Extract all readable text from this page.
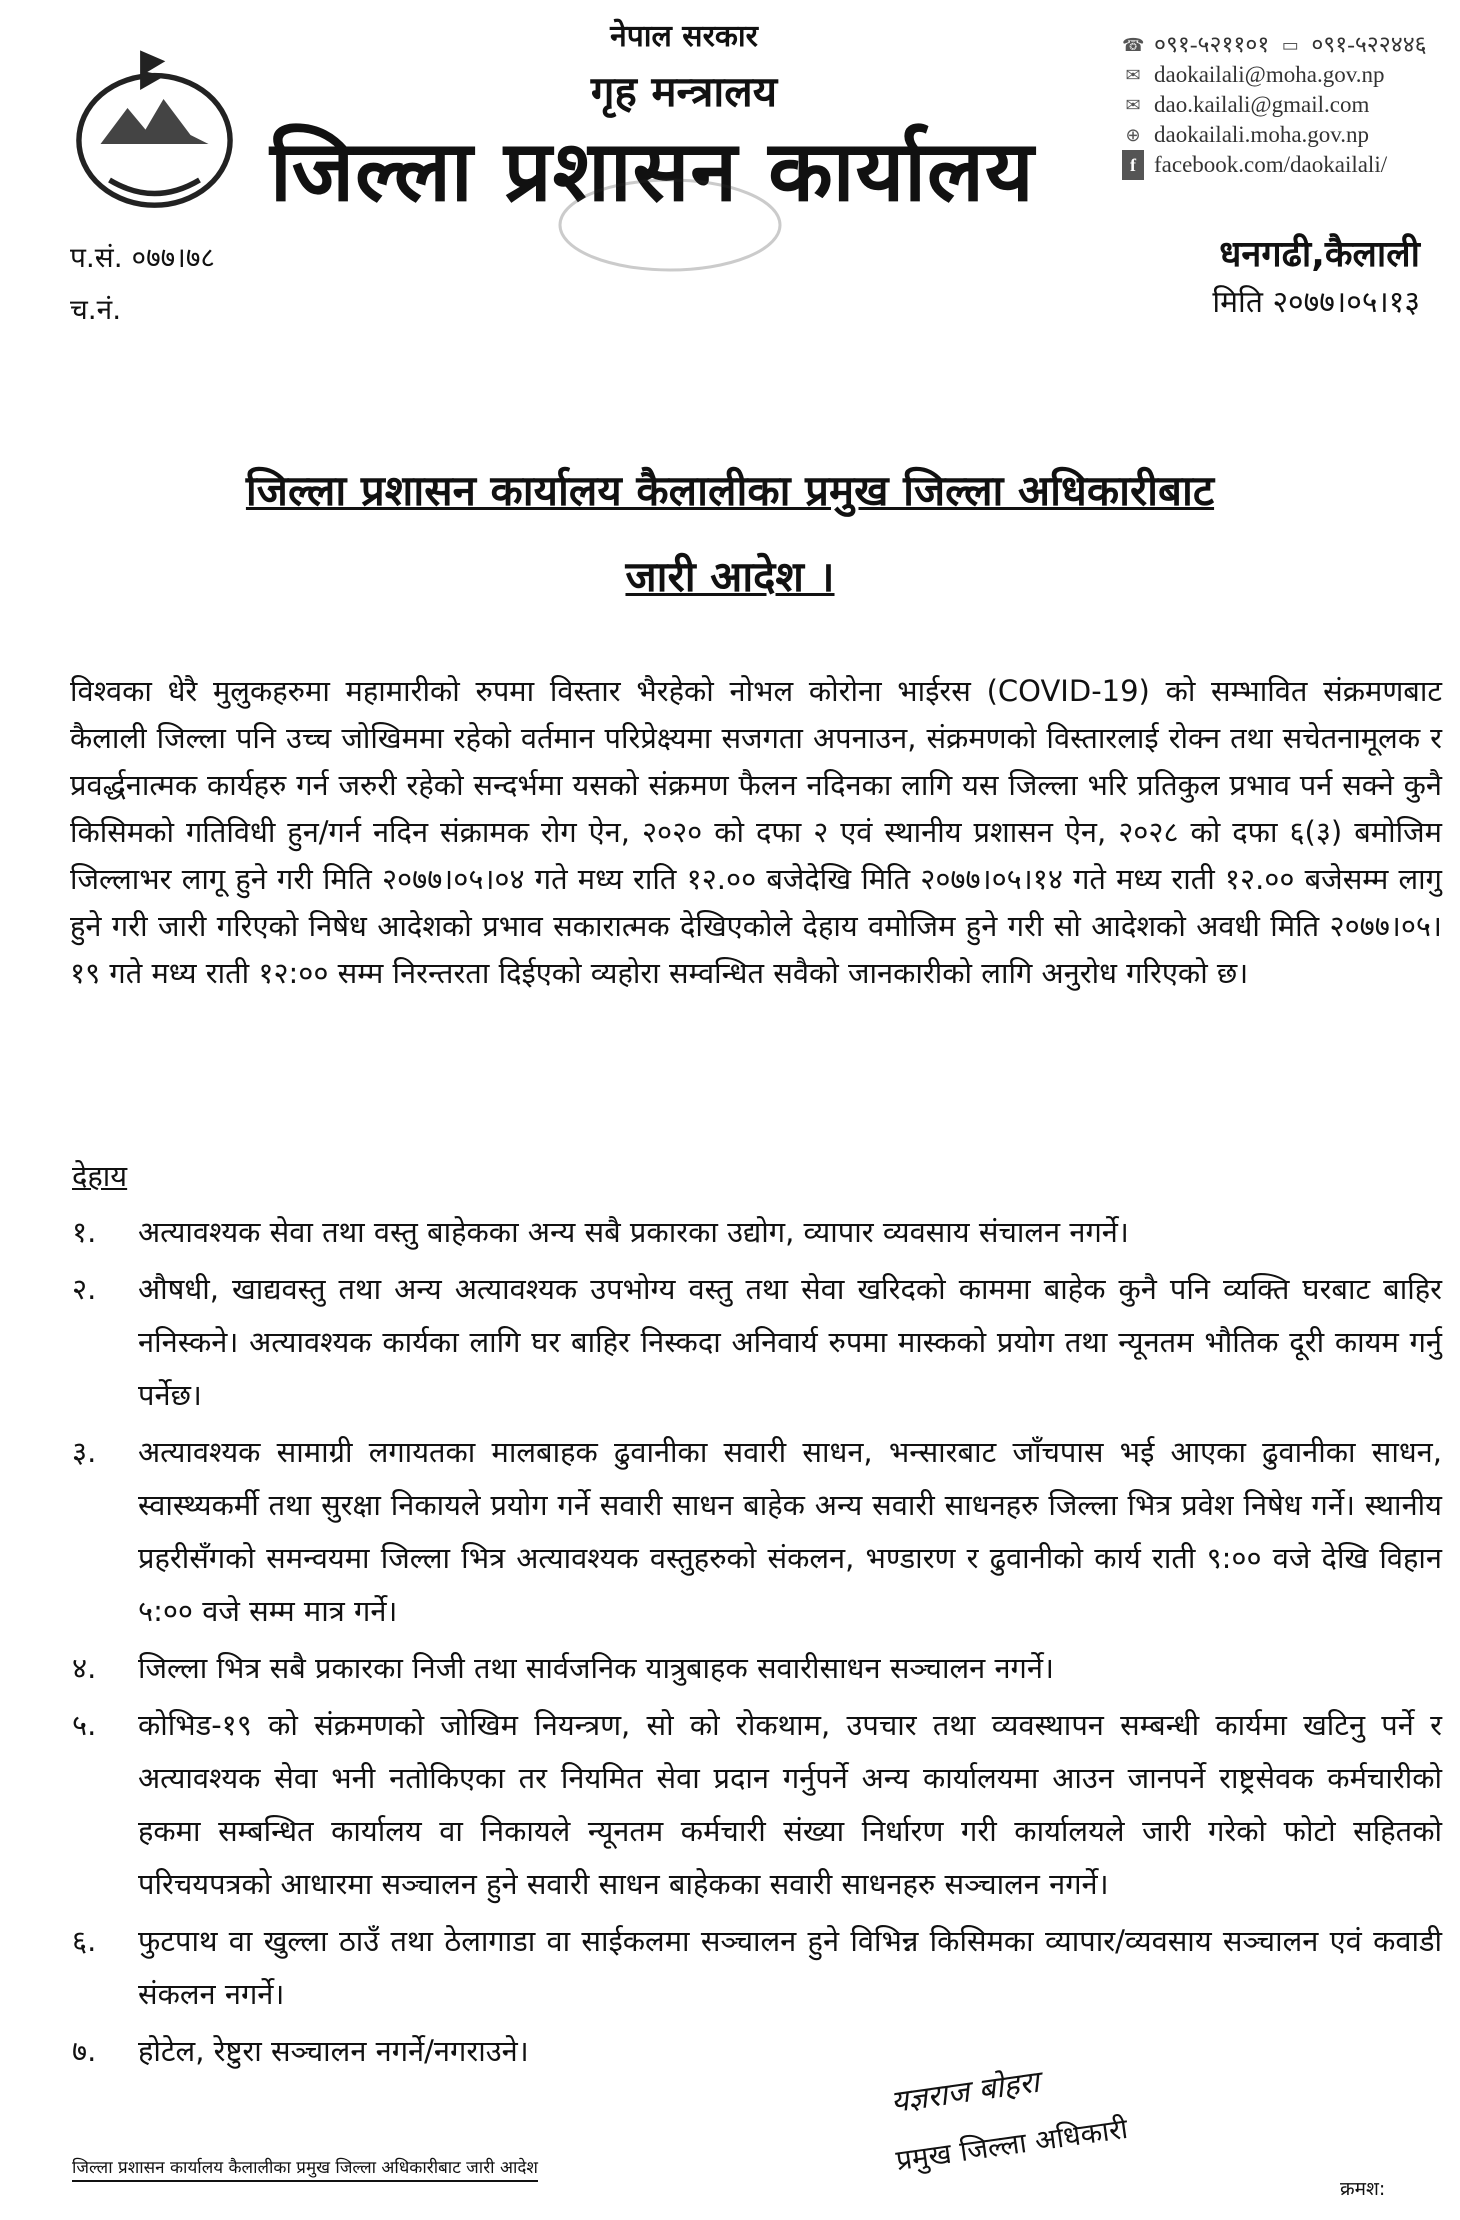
नेपाल सरकार
गृह मन्त्रालय
जिल्ला प्रशासन कार्यालय
☎ ०९१-५२११०१ ▭ ०९१-५२२४४६
✉ daokailali@moha.gov.np
✉ dao.kailali@gmail.com
⊕ daokailali.moha.gov.np
f facebook.com/daokailali/
प.सं. ०७७।७८
च.नं.
धनगढी,कैलाली
मिति २०७७।०५।१३
जिल्ला प्रशासन कार्यालय कैलालीका प्रमुख जिल्ला अधिकारीबाट
जारी आदेश ।
विश्वका धेरै मुलुकहरुमा महामारीको रुपमा विस्तार भैरहेको नोभल कोरोना भाईरस (COVID-19) को सम्भावित संक्रमणबाट कैलाली जिल्ला पनि उच्च जोखिममा रहेको वर्तमान परिप्रेक्ष्यमा सजगता अपनाउन, संक्रमणको विस्तारलाई रोक्न तथा सचेतनामूलक र प्रवर्द्धनात्मक कार्यहरु गर्न जरुरी रहेको सन्दर्भमा यसको संक्रमण फैलन नदिनका लागि यस जिल्ला भरि प्रतिकुल प्रभाव पर्न सक्ने कुनै किसिमको गतिविधी हुन/गर्न नदिन संक्रामक रोग ऐन, २०२० को दफा २ एवं स्थानीय प्रशासन ऐन, २०२८ को दफा ६(३) बमोजिम जिल्लाभर लागू हुने गरी मिति २०७७।०५।०४ गते मध्य राति १२.०० बजेदेखि मिति २०७७।०५।१४ गते मध्य राती १२.०० बजेसम्म लागु हुने गरी जारी गरिएको निषेध आदेशको प्रभाव सकारात्मक देखिएकोले देहाय वमोजिम हुने गरी सो आदेशको अवधी मिति २०७७।०५।१९ गते मध्य राती १२:०० सम्म निरन्तरता दिईएको व्यहोरा सम्वन्धित सवैको जानकारीको लागि अनुरोध गरिएको छ।
देहाय
१.	अत्यावश्यक सेवा तथा वस्तु बाहेकका अन्य सबै प्रकारका उद्योग, व्यापार व्यवसाय संचालन नगर्ने।
२.	औषधी, खाद्यवस्तु तथा अन्य अत्यावश्यक उपभोग्य वस्तु तथा सेवा खरिदको काममा बाहेक कुनै पनि व्यक्ति घरबाट बाहिर ननिस्कने। अत्यावश्यक कार्यका लागि घर बाहिर निस्कदा अनिवार्य रुपमा मास्कको प्रयोग तथा न्यूनतम भौतिक दूरी कायम गर्नु पर्नेछ।
३.	अत्यावश्यक सामाग्री लगायतका मालबाहक ढुवानीका सवारी साधन, भन्सारबाट जाँचपास भई आएका ढुवानीका साधन, स्वास्थ्यकर्मी तथा सुरक्षा निकायले प्रयोग गर्ने सवारी साधन बाहेक अन्य सवारी साधनहरु जिल्ला भित्र प्रवेश निषेध गर्ने। स्थानीय प्रहरीसँगको समन्वयमा जिल्ला भित्र अत्यावश्यक वस्तुहरुको संकलन, भण्डारण र ढुवानीको कार्य राती ९:०० वजे देखि विहान ५:०० वजे सम्म मात्र गर्ने।
४.	जिल्ला भित्र सबै प्रकारका निजी तथा सार्वजनिक यात्रुबाहक सवारीसाधन सञ्चालन नगर्ने।
५.	कोभिड-१९ को संक्रमणको जोखिम नियन्त्रण, सो को रोकथाम, उपचार तथा व्यवस्थापन सम्बन्धी कार्यमा खटिनु पर्ने र अत्यावश्यक सेवा भनी नतोकिएका तर नियमित सेवा प्रदान गर्नुपर्ने अन्य कार्यालयमा आउन जानपर्ने राष्ट्रसेवक कर्मचारीको हकमा सम्बन्धित कार्यालय वा निकायले न्यूनतम कर्मचारी संख्या निर्धारण गरी कार्यालयले जारी गरेको फोटो सहितको परिचयपत्रको आधारमा सञ्चालन हुने सवारी साधन बाहेकका सवारी साधनहरु सञ्चालन नगर्ने।
६.	फुटपाथ वा खुल्ला ठाउँ तथा ठेलागाडा वा साईकलमा सञ्चालन हुने विभिन्न किसिमका व्यापार/व्यवसाय सञ्चालन एवं कवाडी संकलन नगर्ने।
७.	होटेल, रेष्टुरा सञ्चालन नगर्ने/नगराउने।
यज्ञराज बोहरा
प्रमुख जिल्ला अधिकारी
जिल्ला प्रशासन कार्यालय कैलालीका प्रमुख जिल्ला अधिकारीबाट जारी आदेश
क्रमश:
